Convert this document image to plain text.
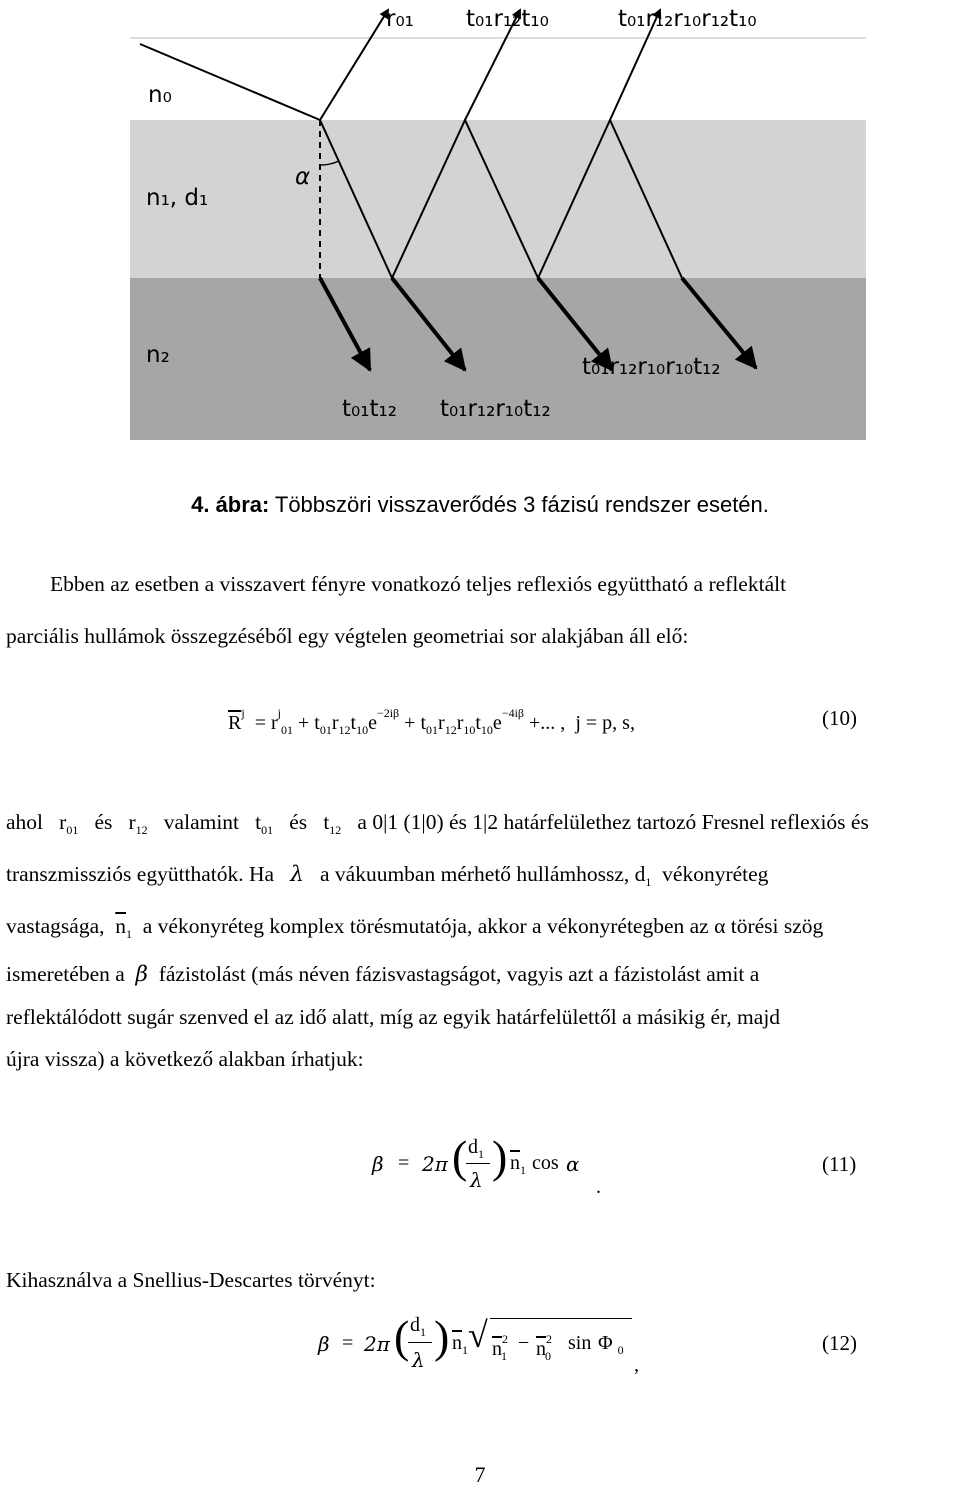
n₀
n₁, d₁
n₂
α
r₀₁ t₀₁r₁₂t₁₀	t₀₁r₁₂r₁₀r₁₂t₁₀
t₀₁t₁₂ t₀₁r₁₂r₁₀t₁₂
t₀₁r₁₂r₁₀r₁₀t₁₂
4. ábra: Többszöri visszaverődés 3 fázisú rendszer esetén.
Ebben az esetben a visszavert fényre vonatkozó teljes reflexiós együttható a reflektált
parciális hullámok összegzéséből egy végtelen geometriai sor alakjában áll elő:
$\overline{R}^j = r^j_{01} + t_{01}r_{12}t_{10}e^{-2i\beta} + t_{01}r_{12}r_{10}t_{10}e^{-4i\beta}$ +... , j = p, s,	(10)
ahol $r_{01}$ és $r_{12}$ valamint $t_{01}$ és $t_{12}$ a 0|1 (1|0) és 1|2 határfelülethez tartozó Fresnel reflexiós és
transzmissziós együtthatók. Ha λ a vákuumban mérhető hullámhossz, $d_1$ vékonyréteg
vastagsága, $\overline{n}_1$ a vékonyréteg komplex törésmutatója, akkor a vékonyrétegben az α törési szög
ismeretében a β fázistolást (más néven fázisvastagságot, vagyis azt a fázistolást amit a
reflektálódott sugár szenved el az idő alatt, míg az egyik határfelülettől a másikig ér, majd
újra vissza) a következő alakban írhatjuk:
β = 2π ( $d_1$
λ ) $\overline{n}_1$ cos α
.
(11)
Kihasználva a Snellius-Descartes törvényt:
β = 2π ( $d_1$
λ ) $\overline{n}_1$ √ $n^2_1$
− $\overline{n}^2_0$
sin Φ $_0$
,
(12)
7
